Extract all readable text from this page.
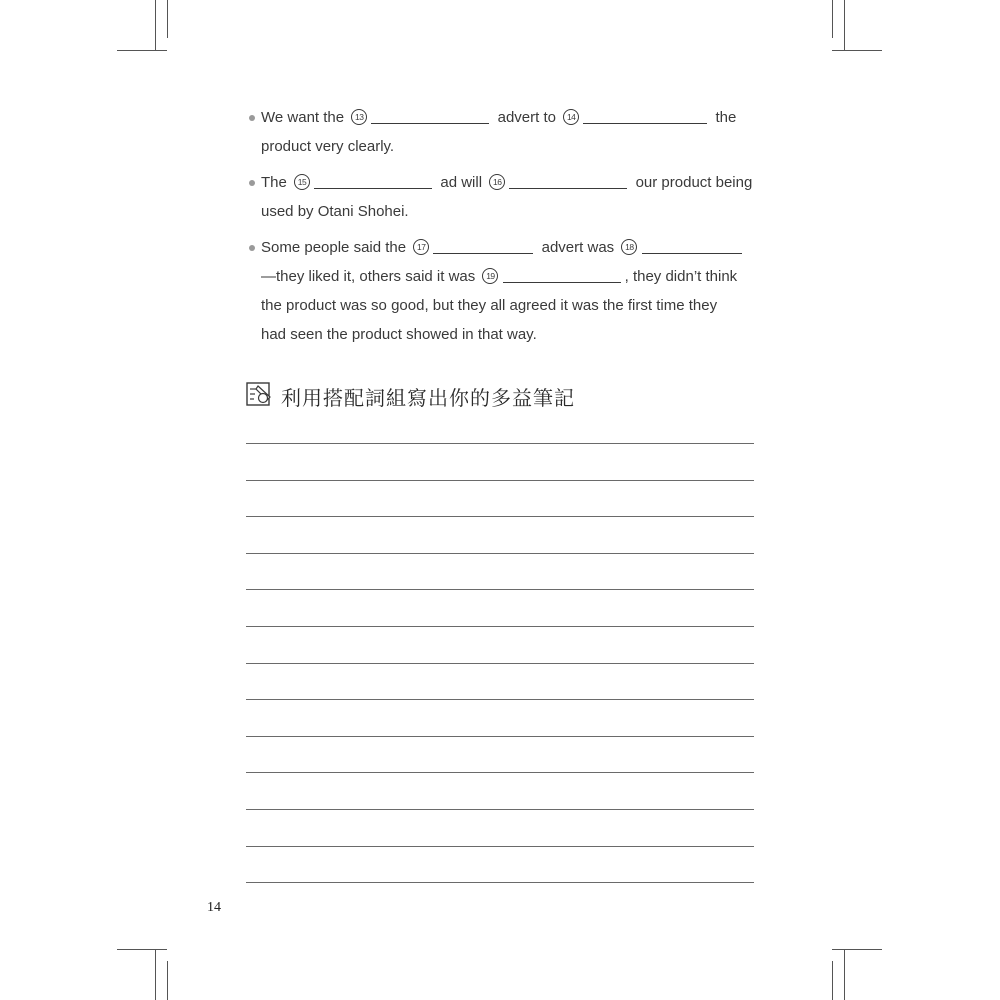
We want the 13	advert to 14	the
product very clearly.
The 15	ad will 16	our product being
used by Otani Shohei.
Some people said the 17	advert was 18
—they liked it, others said it was 19	, they didn’t think
the product was so good, but they all agreed it was the first time they
had seen the product showed in that way.
利用搭配詞組寫出你的多益筆記
14
